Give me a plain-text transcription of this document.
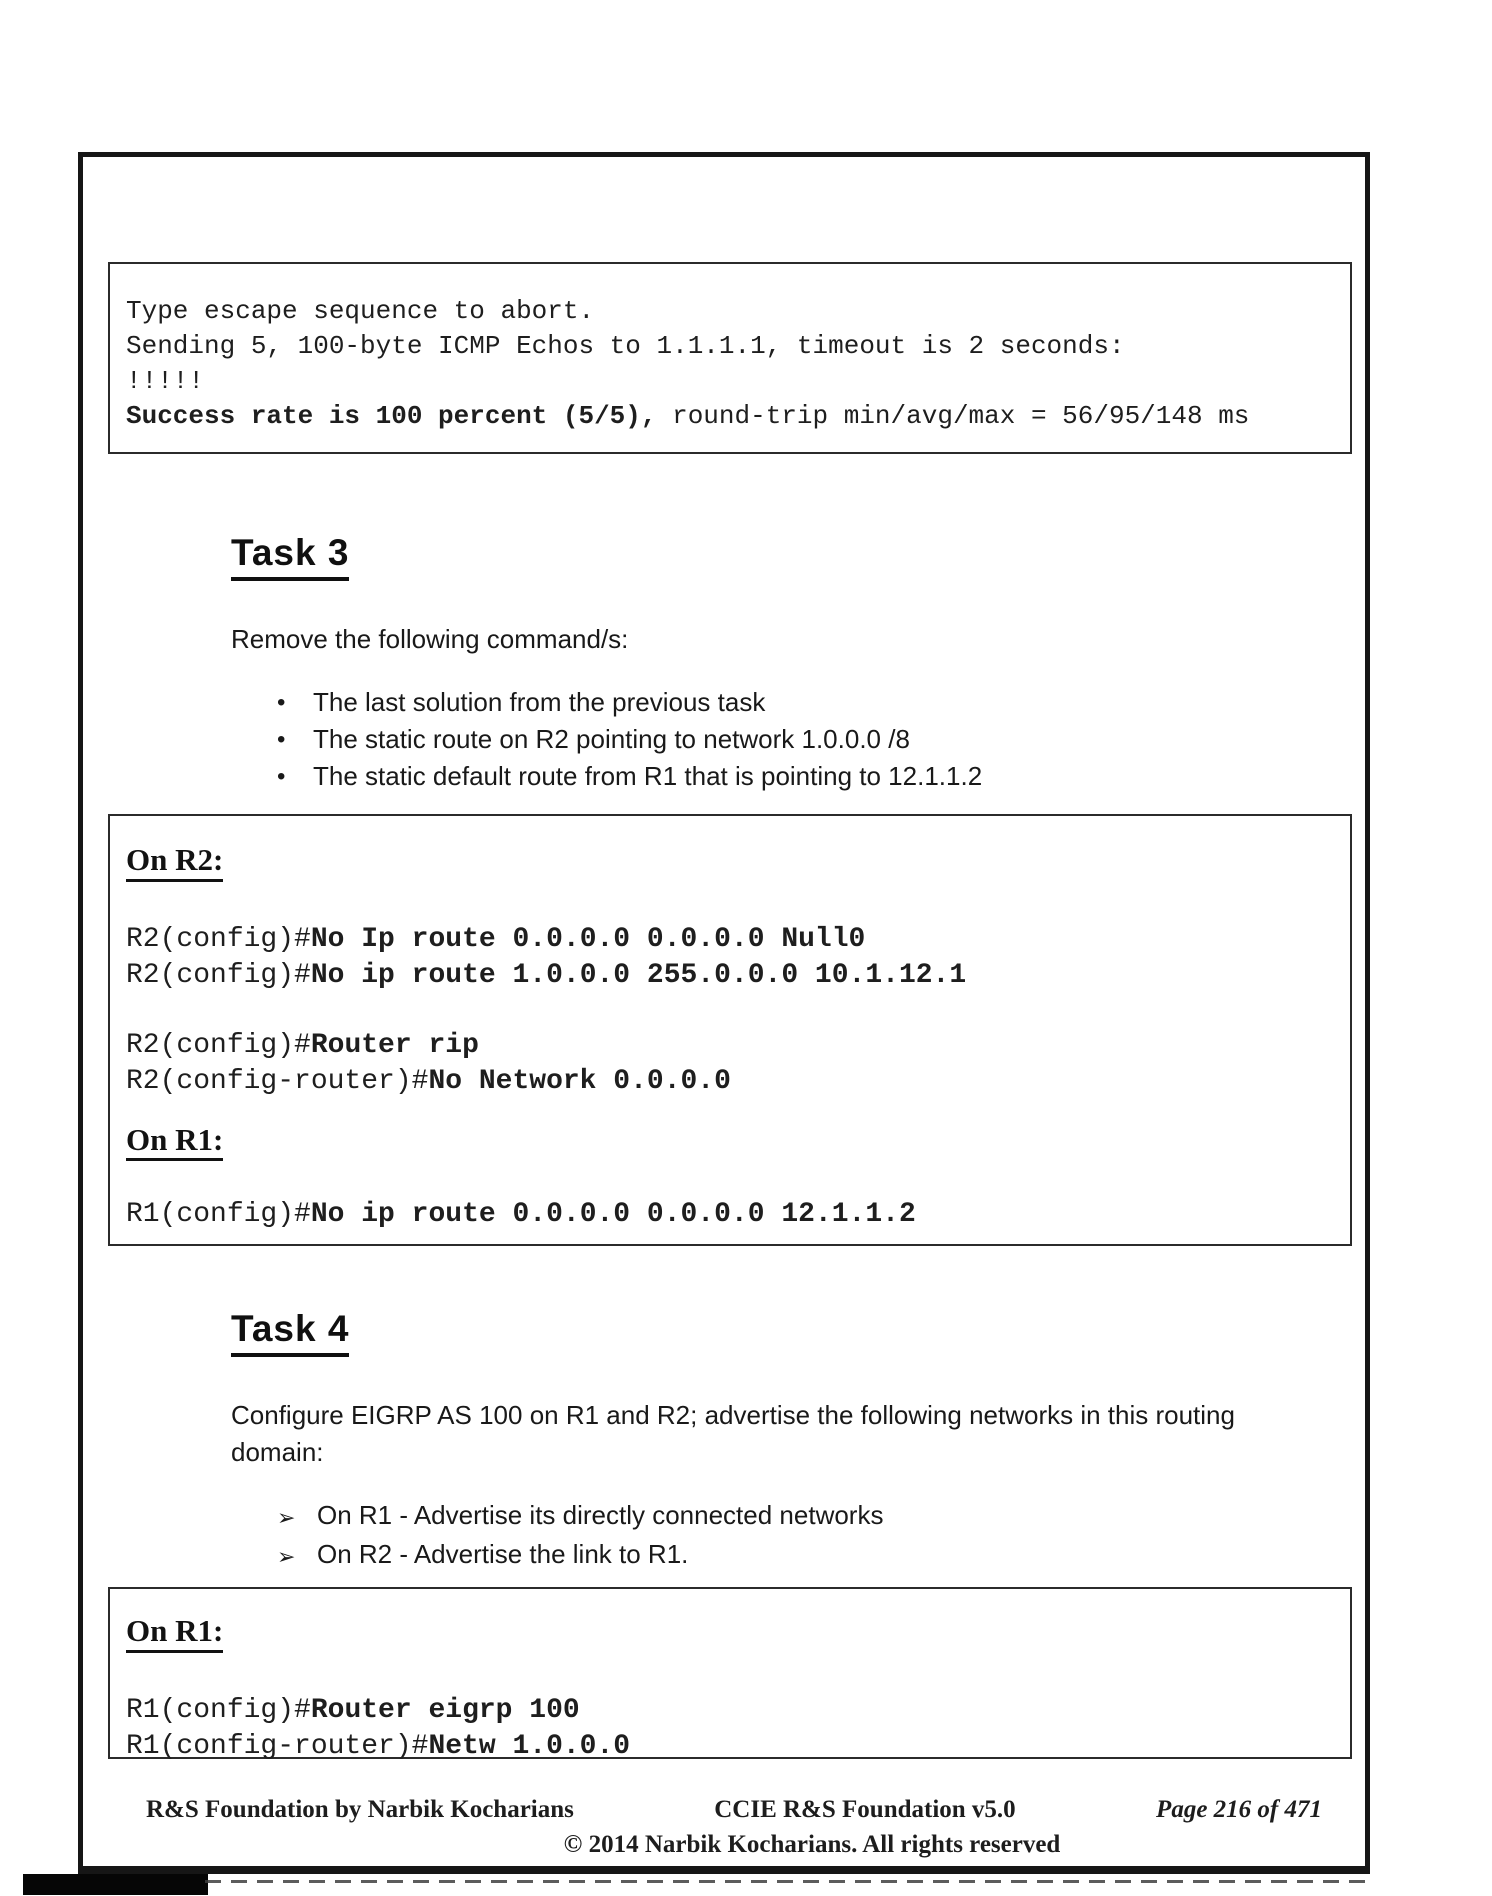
Type escape sequence to abort.
Sending 5, 100-byte ICMP Echos to 1.1.1.1, timeout is 2 seconds:
!!!!!
Success rate is 100 percent (5/5), round-trip min/avg/max = 56/95/148 ms
Task 3
Remove the following command/s:
•	The last solution from the previous task
•	The static route on R2 pointing to network 1.0.0.0 /8
•	The static default route from R1 that is pointing to 12.1.1.2
On R2:
R2(config)#No Ip route 0.0.0.0 0.0.0.0 Null0
R2(config)#No ip route 1.0.0.0 255.0.0.0 10.1.12.1
R2(config)#Router rip
R2(config-router)#No Network 0.0.0.0
On R1:
R1(config)#No ip route 0.0.0.0 0.0.0.0 12.1.1.2
Task 4
Configure EIGRP AS 100 on R1 and R2; advertise the following networks in this routing
domain:
➢ On R1 - Advertise its directly connected networks
➢ On R2 - Advertise the link to R1.
On R1:
R1(config)#Router eigrp 100
R1(config-router)#Netw 1.0.0.0
R&S Foundation by Narbik Kocharians	CCIE R&S Foundation v5.0	Page 216 of 471
© 2014 Narbik Kocharians. All rights reserved
